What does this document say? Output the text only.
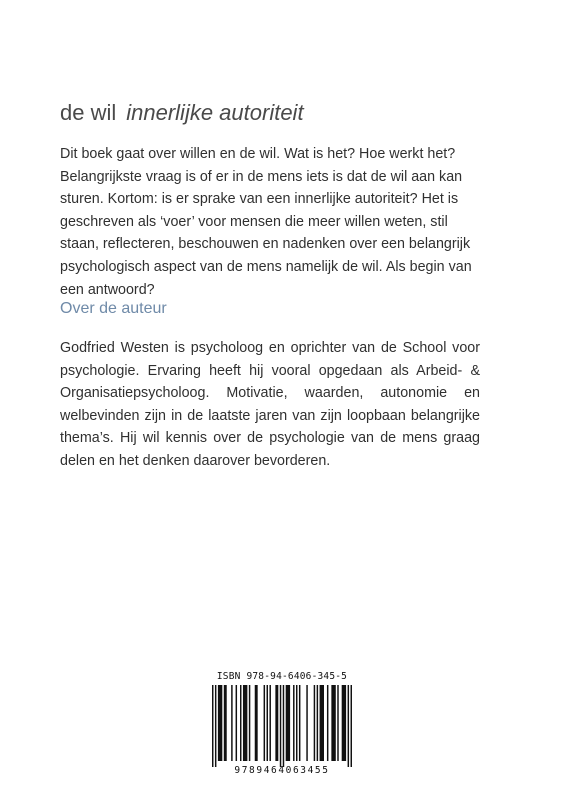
de wil innerlijke autoriteit

Dit boek gaat over willen en de wil. Wat is het? Hoe werkt het? Belangrijkste vraag is of er in de mens iets is dat de wil aan kan sturen. Kortom: is er sprake van een innerlijke autoriteit? Het is geschreven als ‘voer’ voor mensen die meer willen weten, stil staan, reflecteren, beschouwen en nadenken over een belangrijk psychologisch aspect van de mens namelijk de wil. Als begin van een antwoord?

Over de auteur

Godfried Westen is psycholoog en oprichter van de School voor psychologie. Ervaring heeft hij vooral opgedaan als Arbeid- & Organisatiepsycholoog. Motivatie, waarden, autonomie en welbevinden zijn in de laatste jaren van zijn loopbaan belangrijke thema’s. Hij wil kennis over de psychologie van de mens graag delen en het denken daarover bevorderen.

ISBN 978-94-6406-345-5
9789464063455
